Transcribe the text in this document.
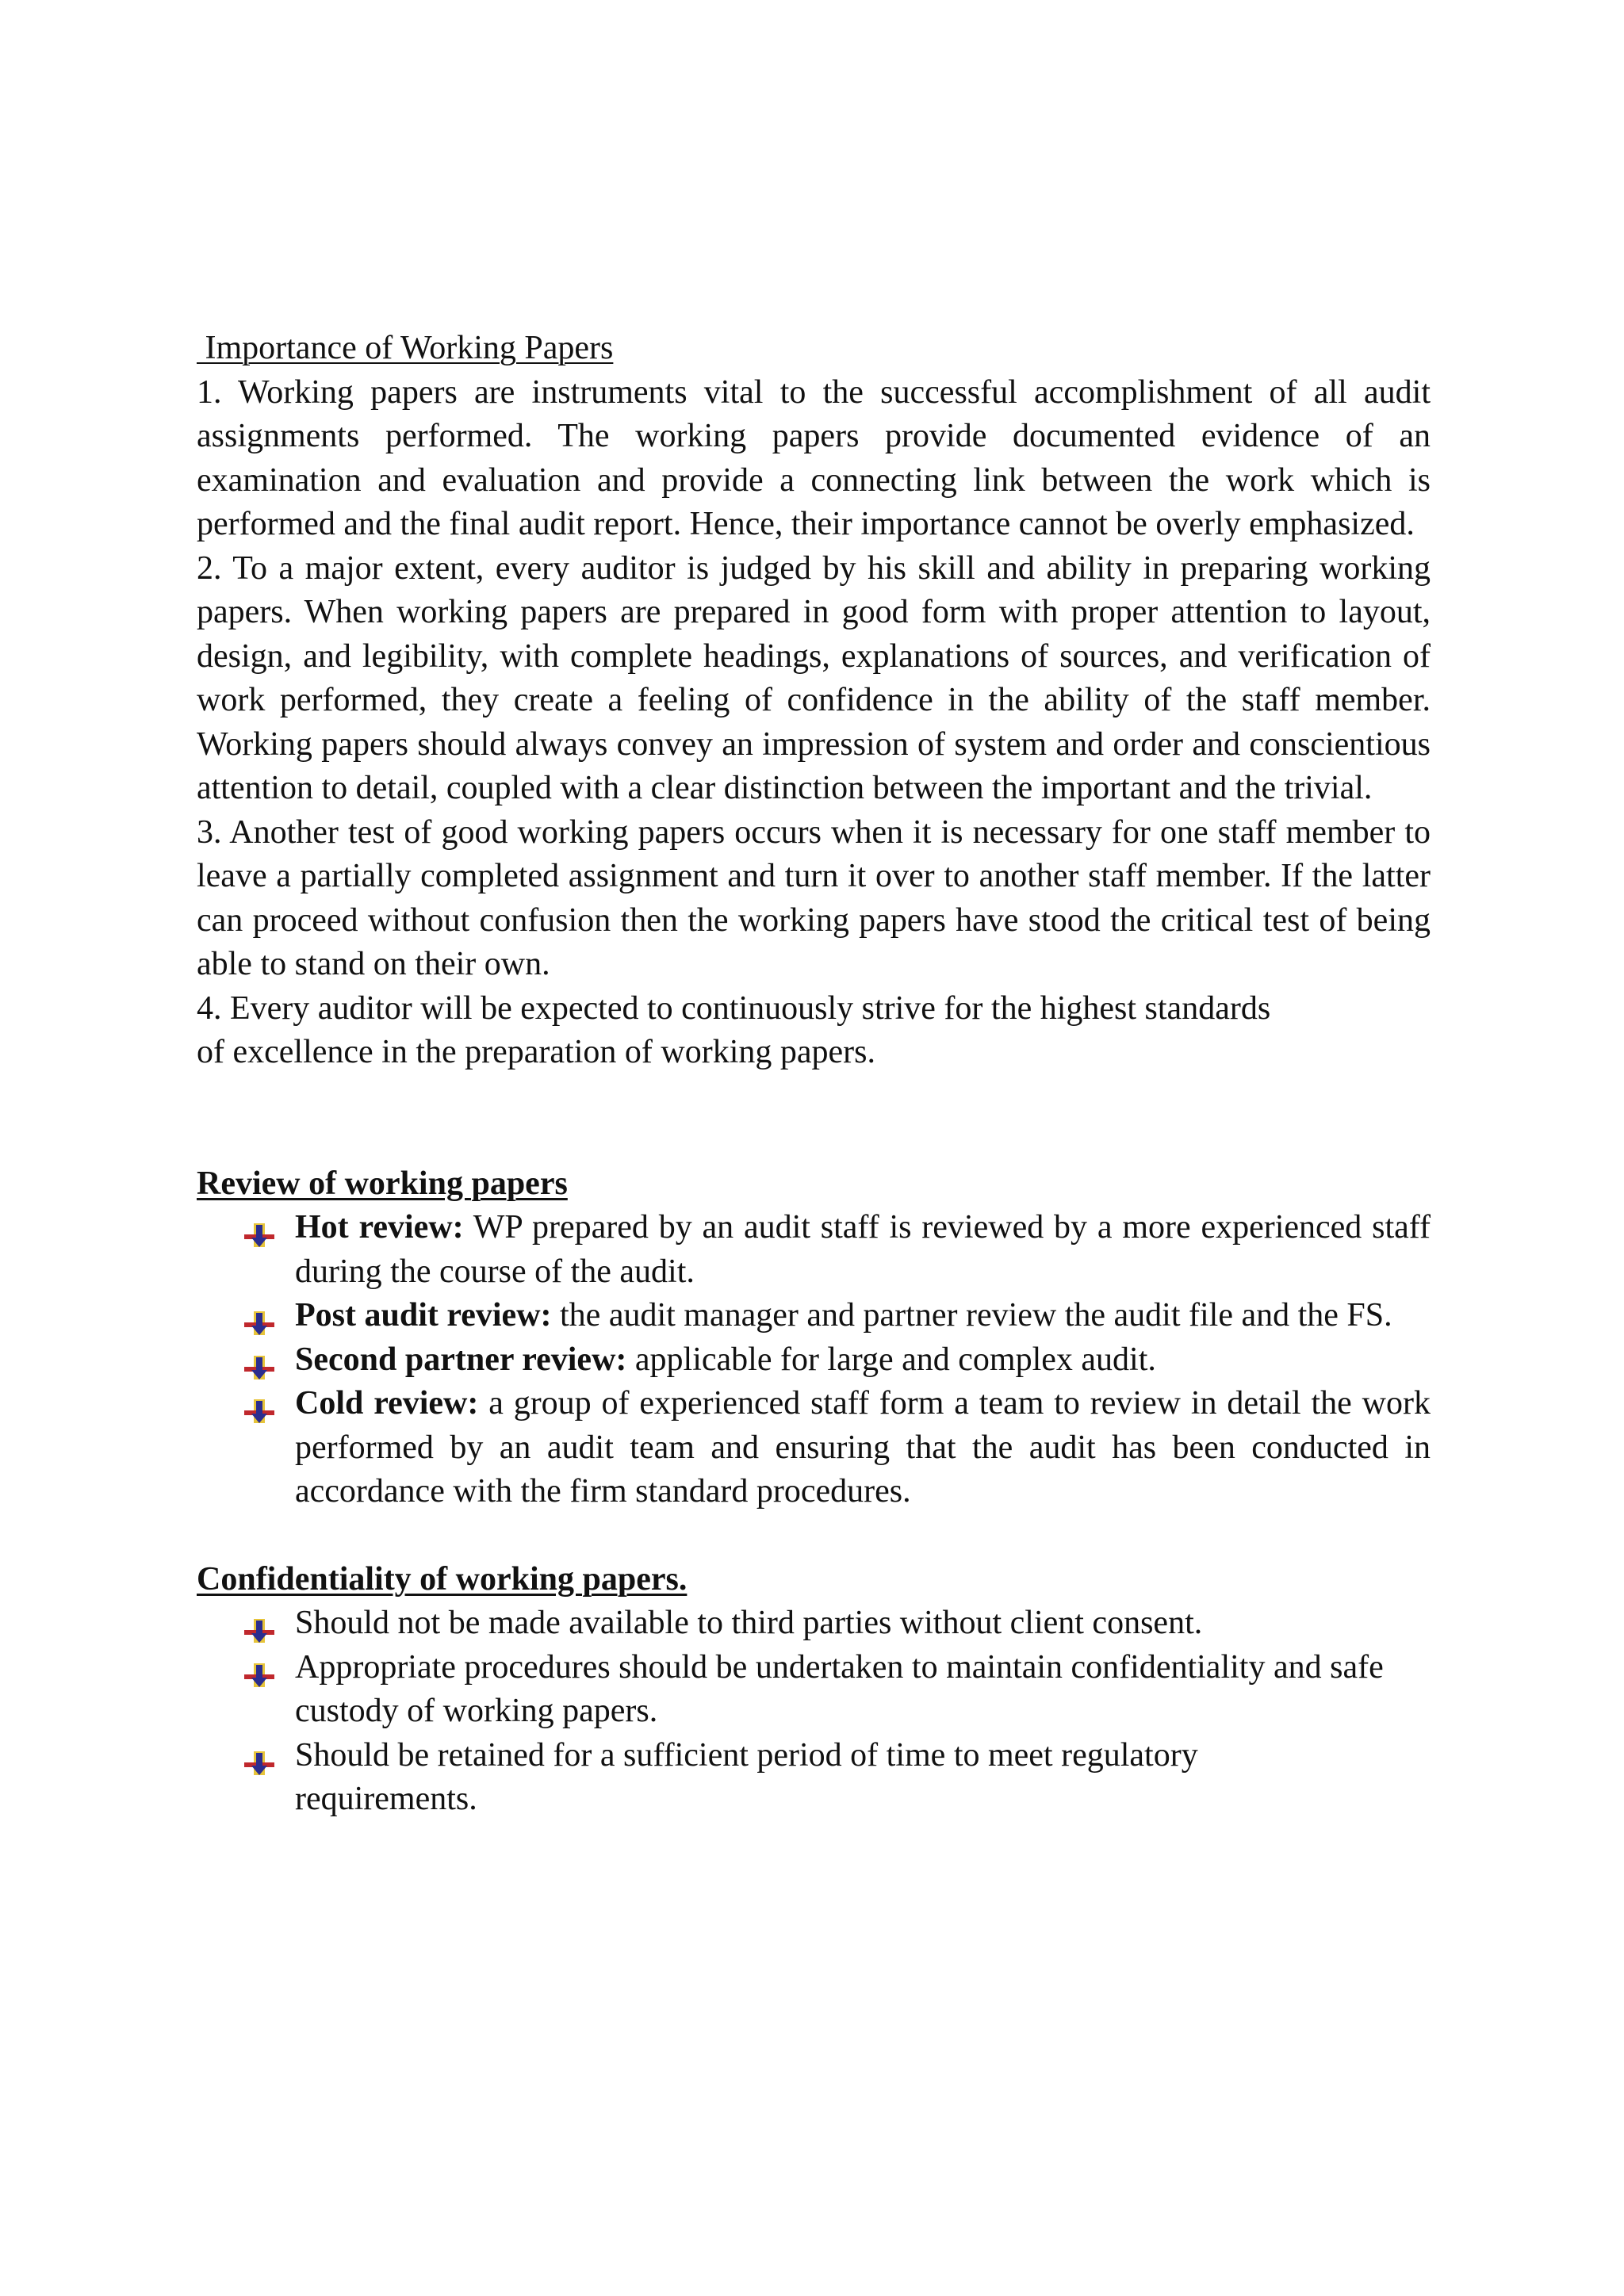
Importance of Working Papers

1. Working papers are instruments vital to the successful accomplishment of all audit assignments performed. The working papers provide documented evidence of an examination and evaluation and provide a connecting link between the work which is performed and the final audit report. Hence, their importance cannot be overly emphasized.

2. To a major extent, every auditor is judged by his skill and ability in preparing working papers. When working papers are prepared in good form with proper attention to layout, design, and legibility, with complete headings, explanations of sources, and verification of work performed, they create a feeling of confidence in the ability of the staff member. Working papers should always convey an impression of system and order and conscientious attention to detail, coupled with a clear distinction between the important and the trivial.

3. Another test of good working papers occurs when it is necessary for one staff member to leave a partially completed assignment and turn it over to another staff member. If the latter can proceed without confusion then the working papers have stood the critical test of being able to stand on their own.

4. Every auditor will be expected to continuously strive for the highest standards of excellence in the preparation of working papers.

Review of working papers
Hot review: WP prepared by an audit staff is reviewed by a more experienced staff during the course of the audit.
Post audit review: the audit manager and partner review the audit file and the FS.
Second partner review: applicable for large and complex audit.
Cold review: a group of experienced staff form a team to review in detail the work performed by an audit team and ensuring that the audit has been conducted in accordance with the firm standard procedures.
Confidentiality of working papers.
Should not be made available to third parties without client consent.
Appropriate procedures should be undertaken to maintain confidentiality and safe custody of working papers.
Should be retained for a sufficient period of time to meet regulatory requirements.
